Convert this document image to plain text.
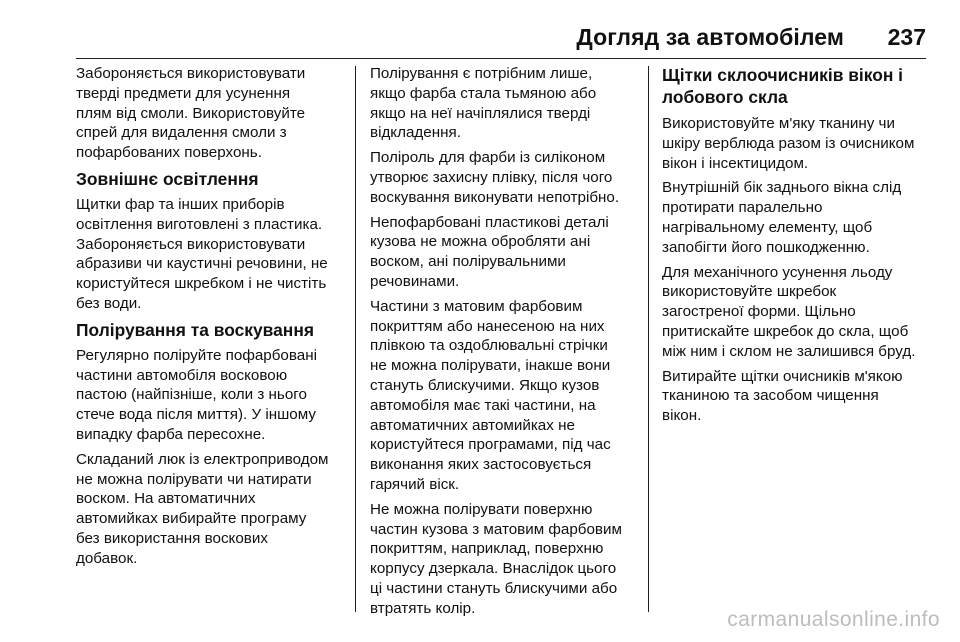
Догляд за автомобілем 237

Забороняється використовувати
тверді предмети для усунення
плям від смоли. Використовуйте
спрей для видалення смоли з
пофарбованих поверхонь.

Зовнішнє освітлення

Щитки фар та інших приборів
освітлення виготовлені з пластика.
Забороняється використовувати
абразиви чи каустичні речовини, не
користуйтеся шкребком і не чистіть
без води.

Полірування та воскування

Регулярно поліруйте пофарбовані
частини автомобіля восковою
пастою (найпізніше, коли з нього
стече вода після миття). У іншому
випадку фарба пересохне.

Складаний люк із електроприводом
не можна полірувати чи натирати
воском. На автоматичних
автомийках вибирайте програму
без використання воскових
добавок.

Полірування є потрібним лише,
якщо фарба стала тьмяною або
якщо на неї начіплялися тверді
відкладення.

Поліроль для фарби із силіконом
утворює захисну плівку, після чого
воскування виконувати непотрібно.

Непофарбовані пластикові деталі
кузова не можна обробляти ані
воском, ані полірувальними
речовинами.

Частини з матовим фарбовим
покриттям або нанесеною на них
плівкою та оздоблювальні стрічки
не можна полірувати, інакше вони
стануть блискучими. Якщо кузов
автомобіля має такі частини, на
автоматичних автомийках не
користуйтеся програмами, під час
виконання яких застосовується
гарячий віск.

Не можна полірувати поверхню
частин кузова з матовим фарбовим
покриттям, наприклад, поверхню
корпусу дзеркала. Внаслідок цього
ці частини стануть блискучими або
втратять колір.

Щітки склоочисників вікон і
лобового скла

Використовуйте м'яку тканину чи
шкіру верблюда разом із очисником
вікон і інсектицидом.

Внутрішній бік заднього вікна слід
протирати паралельно
нагрівальному елементу, щоб
запобігти його пошкодженню.

Для механічного усунення льоду
використовуйте шкребок
загостреної форми. Щільно
притискайте шкребок до скла, щоб
між ним і склом не залишився бруд.

Витирайте щітки очисників м'якою
тканиною та засобом чищення
вікон.

carmanualsonline.info
